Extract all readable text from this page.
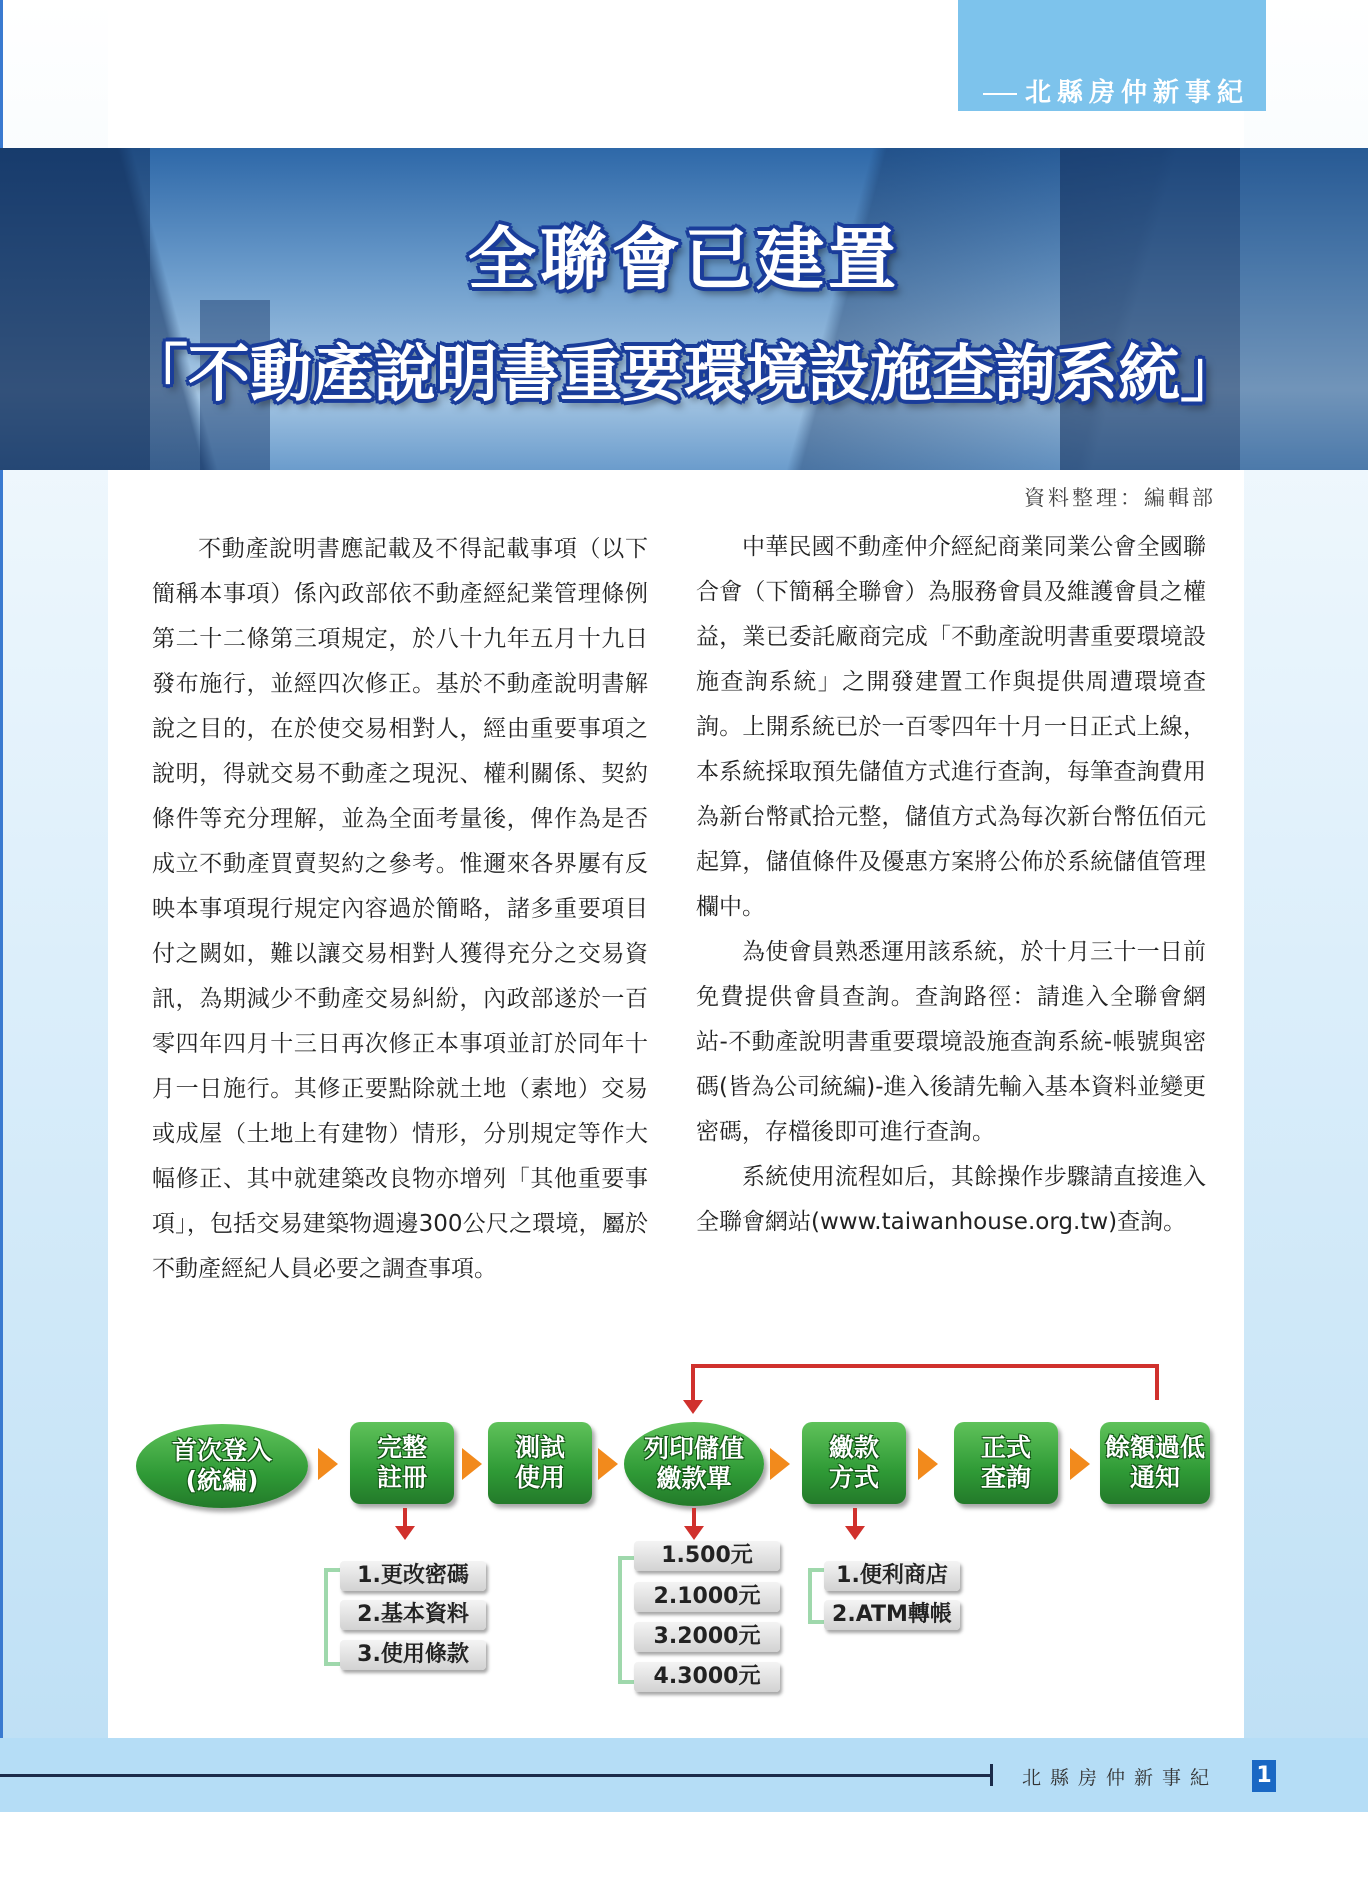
北縣房仲新事紀
全聯會已建置
「不動產說明書重要環境設施查詢系統」
資料整理：編輯部

不動產說明書應記載及不得記載事項（以下簡稱本事項）係內政部依不動產經紀業管理條例第二十二條第三項規定，於八十九年五月十九日發布施行，並經四次修正。基於不動產說明書解說之目的，在於使交易相對人，經由重要事項之說明，得就交易不動產之現況、權利關係、契約條件等充分理解，並為全面考量後，俾作為是否成立不動產買賣契約之參考。惟邇來各界屢有反映本事項現行規定內容過於簡略，諸多重要項目付之闕如，難以讓交易相對人獲得充分之交易資訊，為期減少不動產交易糾紛，內政部遂於一百零四年四月十三日再次修正本事項並訂於同年十月一日施行。其修正要點除就土地（素地）交易或成屋（土地上有建物）情形，分別規定等作大幅修正、其中就建築改良物亦增列「其他重要事項」，包括交易建築物週邊300公尺之環境，屬於不動產經紀人員必要之調查事項。

中華民國不動產仲介經紀商業同業公會全國聯合會（下簡稱全聯會）為服務會員及維護會員之權益，業已委託廠商完成「不動產說明書重要環境設施查詢系統」之開發建置工作與提供周遭環境查詢。上開系統已於一百零四年十月一日正式上線，本系統採取預先儲值方式進行查詢，每筆查詢費用為新台幣貳拾元整，儲值方式為每次新台幣伍佰元起算，儲值條件及優惠方案將公佈於系統儲值管理欄中。

為使會員熟悉運用該系統，於十月三十一日前免費提供會員查詢。查詢路徑：請進入全聯會網站-不動產說明書重要環境設施查詢系統-帳號與密碼(皆為公司統編)-進入後請先輸入基本資料並變更密碼，存檔後即可進行查詢。

系統使用流程如后，其餘操作步驟請直接進入全聯會網站(www.taiwanhouse.org.tw)查詢。

首次登入
(統編)
完整
註冊
測試
使用
列印儲值
繳款單
繳款
方式
正式
查詢
餘額過低
通知
1.更改密碼
2.基本資料
3.使用條款
1.500元
2.1000元
3.2000元
4.3000元
1.便利商店
2.ATM轉帳
北縣房仲新事紀 1
